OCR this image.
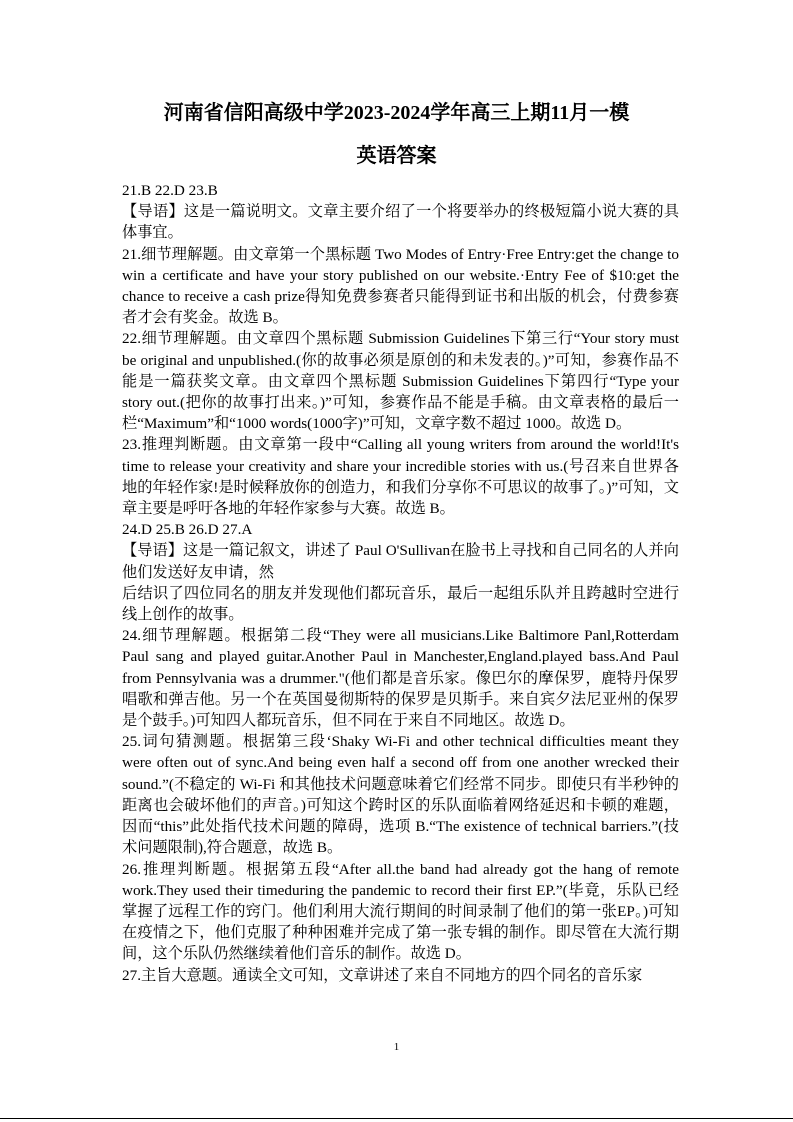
河南省信阳高级中学2023-2024学年高三上期11月一模
英语答案

21.B 22.D 23.B

【导语】这是一篇说明文。文章主要介绍了一个将要举办的终极短篇小说大赛的具体事宜。

21.细节理解题。由文章第一个黑标题 Two Modes of Entry·Free Entry:get the change to win a certificate and have your story published on our website.·Entry Fee of $10:get the chance to receive a cash prize得知免费参赛者只能得到证书和出版的机会，付费参赛者才会有奖金。故选 B。

22.细节理解题。由文章四个黑标题 Submission Guidelines下第三行“Your story must be original and unpublished.(你的故事必须是原创的和未发表的。)”可知，参赛作品不能是一篇获奖文章。由文章四个黑标题 Submission Guidelines下第四行“Type your story out.(把你的故事打出来。)”可知，参赛作品不能是手稿。由文章表格的最后一栏“Maximum”和“1000 words(1000字)”可知，文章字数不超过 1000。故选 D。

23.推理判断题。由文章第一段中“Calling all young writers from around the world!It's time to release your creativity and share your incredible stories with us.(号召来自世界各地的年轻作家!是时候释放你的创造力，和我们分享你不可思议的故事了。)”可知，文章主要是呼吁各地的年轻作家参与大赛。故选 B。

24.D 25.B 26.D 27.A

【导语】这是一篇记叙文，讲述了 Paul O'Sullivan在脸书上寻找和自己同名的人并向他们发送好友申请，然

后结识了四位同名的朋友并发现他们都玩音乐，最后一起组乐队并且跨越时空进行线上创作的故事。

24.细节理解题。根据第二段“They were all musicians.Like Baltimore Panl,Rotterdam Paul sang and played guitar.Another Paul in Manchester,England.played bass.And Paul from Pennsylvania was a drummer."(他们都是音乐家。像巴尔的摩保罗，鹿特丹保罗唱歌和弹吉他。另一个在英国曼彻斯特的保罗是贝斯手。来自宾夕法尼亚州的保罗是个鼓手。)可知四人都玩音乐，但不同在于来自不同地区。故选 D。

25.词句猜测题。根据第三段‘Shaky Wi-Fi and other technical difficulties meant they were often out of sync.And being even half a second off from one another wrecked their sound.”(不稳定的 Wi-Fi 和其他技术问题意味着它们经常不同步。即使只有半秒钟的距离也会破坏他们的声音。)可知这个跨时区的乐队面临着网络延迟和卡顿的难题，因而“this”此处指代技术问题的障碍，选项 B.“The existence of technical barriers.”(技术问题限制),符合题意，故选 B。

26.推理判断题。根据第五段“After all.the band had already got the hang of remote work.They used their timeduring the pandemic to record their first EP.”(毕竟，乐队已经掌握了远程工作的窍门。他们利用大流行期间的时间录制了他们的第一张EP。)可知在疫情之下，他们克服了种种困难并完成了第一张专辑的制作。即尽管在大流行期间，这个乐队仍然继续着他们音乐的制作。故选 D。

27.主旨大意题。通读全文可知，文章讲述了来自不同地方的四个同名的音乐家

1
